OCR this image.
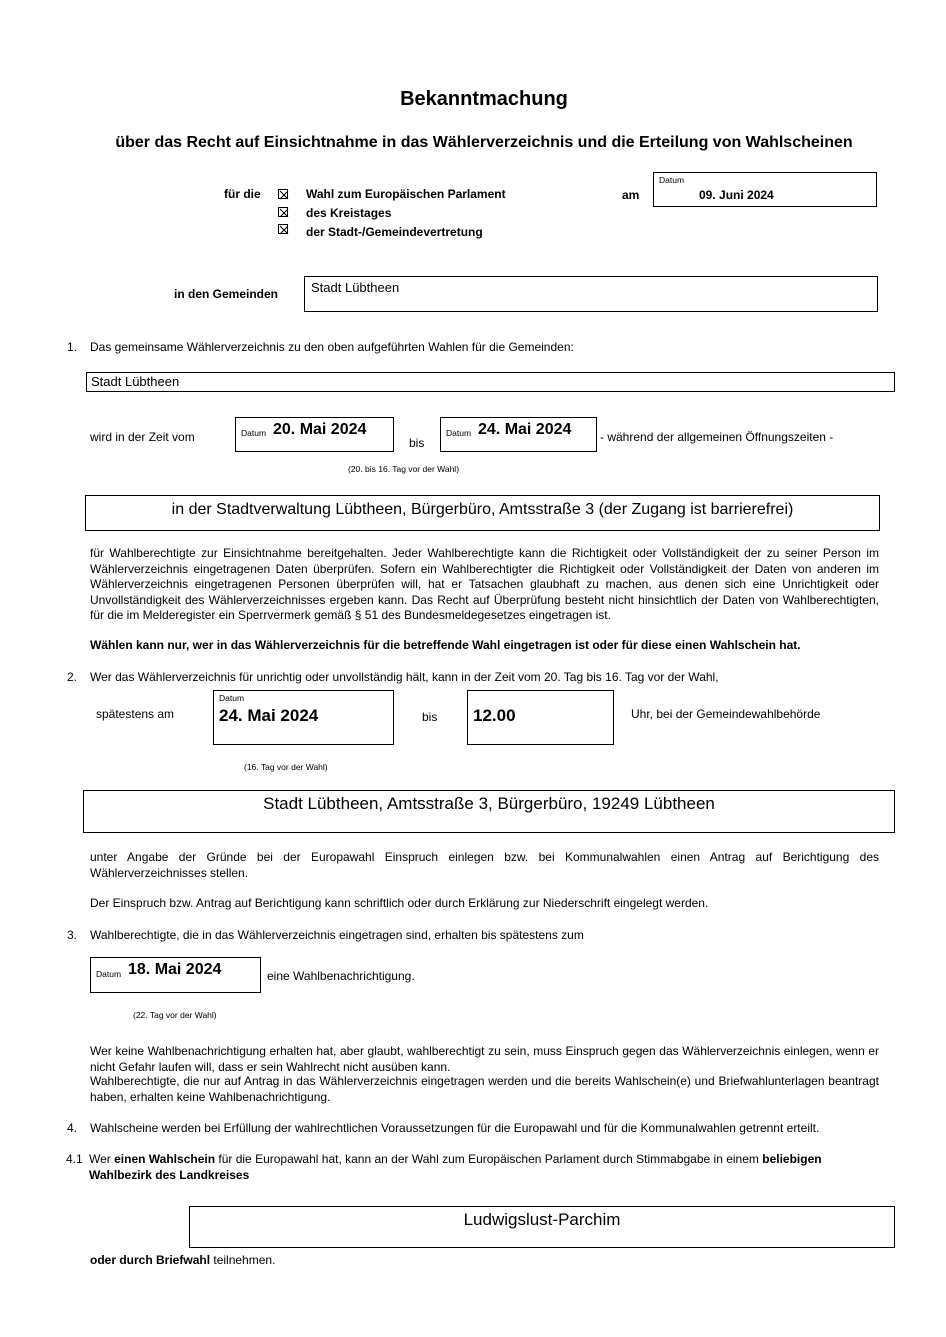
Bekanntmachung
über das Recht auf Einsichtnahme in das Wählerverzeichnis und die Erteilung von Wahlscheinen
für die	Wahl zum Europäischen Parlament
des Kreistages
der Stadt-/Gemeindevertretung
am
Datum
09. Juni 2024
in den Gemeinden	Stadt Lübtheen
1. Das gemeinsame Wählerverzeichnis zu den oben aufgeführten Wahlen für die Gemeinden:
Stadt Lübtheen
wird in der Zeit vom	Datum 20. Mai 2024
bis
Datum 24. Mai 2024 - während der allgemeinen Öffnungszeiten -
(20. bis 16. Tag vor der Wahl)
in der Stadtverwaltung Lübtheen, Bürgerbüro, Amtsstraße 3 (der Zugang ist barrierefrei)
für Wahlberechtigte zur Einsichtnahme bereitgehalten. Jeder Wahlberechtigte kann die Richtigkeit oder Vollständigkeit der zu seiner Person im Wählerverzeichnis eingetragenen Daten überprüfen. Sofern ein Wahlberechtigter die Richtigkeit oder Vollständigkeit der Daten von anderen im Wählerverzeichnis eingetragenen Personen überprüfen will, hat er Tatsachen glaubhaft zu machen, aus denen sich eine Unrichtigkeit oder Unvollständigkeit des Wählerverzeichnisses ergeben kann. Das Recht auf Überprüfung besteht nicht hinsichtlich der Daten von Wahlberechtigten, für die im Melderegister ein Sperrvermerk gemäß § 51 des Bundesmeldegesetzes eingetragen ist.
Wählen kann nur, wer in das Wählerverzeichnis für die betreffende Wahl eingetragen ist oder für diese einen Wahlschein hat.
2. Wer das Wählerverzeichnis für unrichtig oder unvollständig hält, kann in der Zeit vom 20. Tag bis 16. Tag vor der Wahl,
spätestens am
Datum
24. Mai 2024	bis 12.00	Uhr, bei der Gemeindewahlbehörde
(16. Tag vor der Wahl)
Stadt Lübtheen, Amtsstraße 3, Bürgerbüro, 19249 Lübtheen
unter Angabe der Gründe bei der Europawahl Einspruch einlegen bzw. bei Kommunalwahlen einen Antrag auf Berichtigung des Wählerverzeichnisses stellen.
Der Einspruch bzw. Antrag auf Berichtigung kann schriftlich oder durch Erklärung zur Niederschrift eingelegt werden.
3. Wahlberechtigte, die in das Wählerverzeichnis eingetragen sind, erhalten bis spätestens zum
Datum 18. Mai 2024	eine Wahlbenachrichtigung.
(22. Tag vor der Wahl)
Wer keine Wahlbenachrichtigung erhalten hat, aber glaubt, wahlberechtigt zu sein, muss Einspruch gegen das Wählerverzeichnis einlegen, wenn er nicht Gefahr laufen will, dass er sein Wahlrecht nicht ausüben kann.
Wahlberechtigte, die nur auf Antrag in das Wählerverzeichnis eingetragen werden und die bereits Wahlschein(e) und Briefwahlunterlagen beantragt haben, erhalten keine Wahlbenachrichtigung.
4. Wahlscheine werden bei Erfüllung der wahlrechtlichen Voraussetzungen für die Europawahl und für die Kommunalwahlen getrennt erteilt.
4.1 Wer einen Wahlschein für die Europawahl hat, kann an der Wahl zum Europäischen Parlament durch Stimmabgabe in einem beliebigen
Wahlbezirk des Landkreises
Ludwigslust-Parchim
oder durch Briefwahl teilnehmen.
